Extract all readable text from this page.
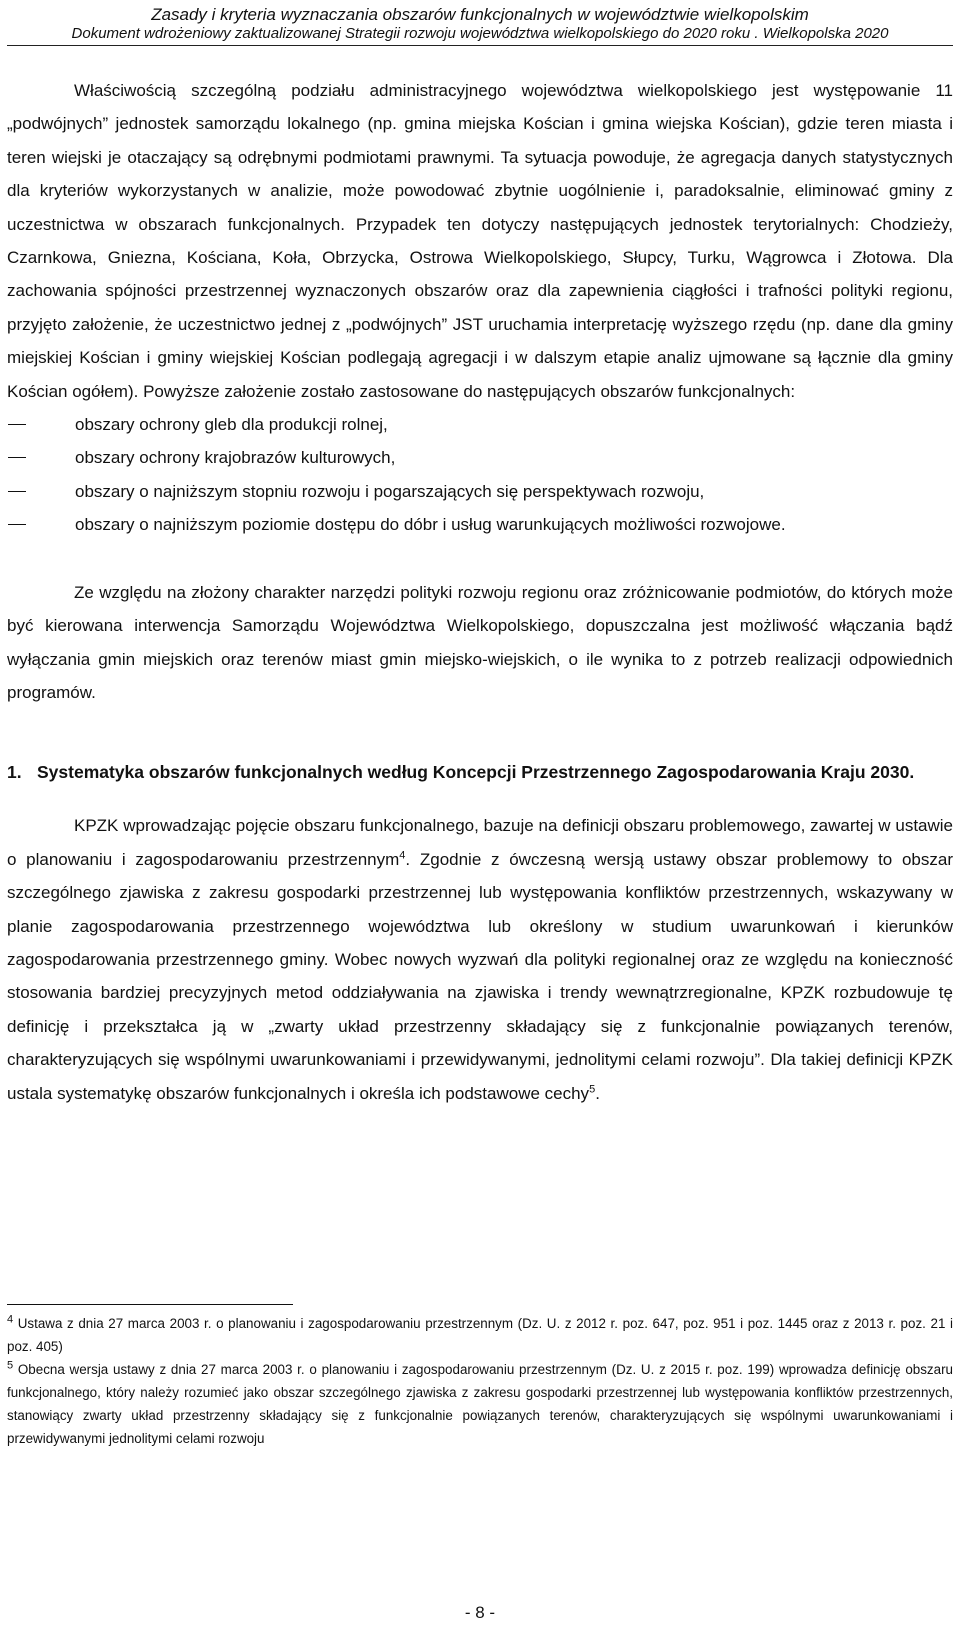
Zasady i kryteria wyznaczania obszarów funkcjonalnych w województwie wielkopolskim
Dokument wdrożeniowy zaktualizowanej Strategii rozwoju województwa wielkopolskiego do 2020 roku . Wielkopolska 2020

Właściwością szczególną podziału administracyjnego województwa wielkopolskiego jest występowanie 11 „podwójnych” jednostek samorządu lokalnego (np. gmina miejska Kościan i gmina wiejska Kościan), gdzie teren miasta i teren wiejski je otaczający są odrębnymi podmiotami prawnymi. Ta sytuacja powoduje, że agregacja danych statystycznych dla kryteriów wykorzystanych w analizie, może powodować zbytnie uogólnienie i, paradoksalnie, eliminować gminy z uczestnictwa w obszarach funkcjonalnych. Przypadek ten dotyczy następujących jednostek terytorialnych: Chodzieży, Czarnkowa, Gniezna, Kościana, Koła, Obrzycka, Ostrowa Wielkopolskiego, Słupcy, Turku, Wągrowca i Złotowa. Dla zachowania spójności przestrzennej wyznaczonych obszarów oraz dla zapewnienia ciągłości i trafności polityki regionu, przyjęto założenie, że uczestnictwo jednej z „podwójnych” JST uruchamia interpretację wyższego rzędu (np. dane dla gminy miejskiej Kościan i gminy wiejskiej Kościan podlegają agregacji i w dalszym etapie analiz ujmowane są łącznie dla gminy Kościan ogółem). Powyższe założenie zostało zastosowane do następujących obszarów funkcjonalnych:

obszary ochrony gleb dla produkcji rolnej,
obszary ochrony krajobrazów kulturowych,
obszary o najniższym stopniu rozwoju i pogarszających się perspektywach rozwoju,
obszary o najniższym poziomie dostępu do dóbr i usług warunkujących możliwości rozwojowe.

Ze względu na złożony charakter narzędzi polityki rozwoju regionu oraz zróżnicowanie podmiotów, do których może być kierowana interwencja Samorządu Województwa Wielkopolskiego, dopuszczalna jest możliwość włączania bądź wyłączania gmin miejskich oraz terenów miast gmin miejsko-wiejskich, o ile wynika to z potrzeb realizacji odpowiednich programów.

1. Systematyka obszarów funkcjonalnych według Koncepcji Przestrzennego Zagospodarowania Kraju 2030.

KPZK wprowadzając pojęcie obszaru funkcjonalnego, bazuje na definicji obszaru problemowego, zawartej w ustawie o planowaniu i zagospodarowaniu przestrzennym$^4$. Zgodnie z ówczesną wersją ustawy obszar problemowy to obszar szczególnego zjawiska z zakresu gospodarki przestrzennej lub występowania konfliktów przestrzennych, wskazywany w planie zagospodarowania przestrzennego województwa lub określony w studium uwarunkowań i kierunków zagospodarowania przestrzennego gminy. Wobec nowych wyzwań dla polityki regionalnej oraz ze względu na konieczność stosowania bardziej precyzyjnych metod oddziaływania na zjawiska i trendy wewnątrzregionalne, KPZK rozbudowuje tę definicję i przekształca ją w „zwarty układ przestrzenny składający się z funkcjonalnie powiązanych terenów, charakteryzujących się wspólnymi uwarunkowaniami i przewidywanymi, jednolitymi celami rozwoju”. Dla takiej definicji KPZK ustala systematykę obszarów funkcjonalnych i określa ich podstawowe cechy$^5$.

$^4$ Ustawa z dnia 27 marca 2003 r. o planowaniu i zagospodarowaniu przestrzennym (Dz. U. z 2012 r. poz. 647, poz. 951 i poz. 1445 oraz z 2013 r. poz. 21 i poz. 405)
$^5$ Obecna wersja ustawy z dnia 27 marca 2003 r. o planowaniu i zagospodarowaniu przestrzennym (Dz. U. z 2015 r. poz. 199) wprowadza definicję obszaru funkcjonalnego, który należy rozumieć jako obszar szczególnego zjawiska z zakresu gospodarki przestrzennej lub występowania konfliktów przestrzennych, stanowiący zwarty układ przestrzenny składający się z funkcjonalnie powiązanych terenów, charakteryzujących się wspólnymi uwarunkowaniami i przewidywanymi jednolitymi celami rozwoju
- 8 -
